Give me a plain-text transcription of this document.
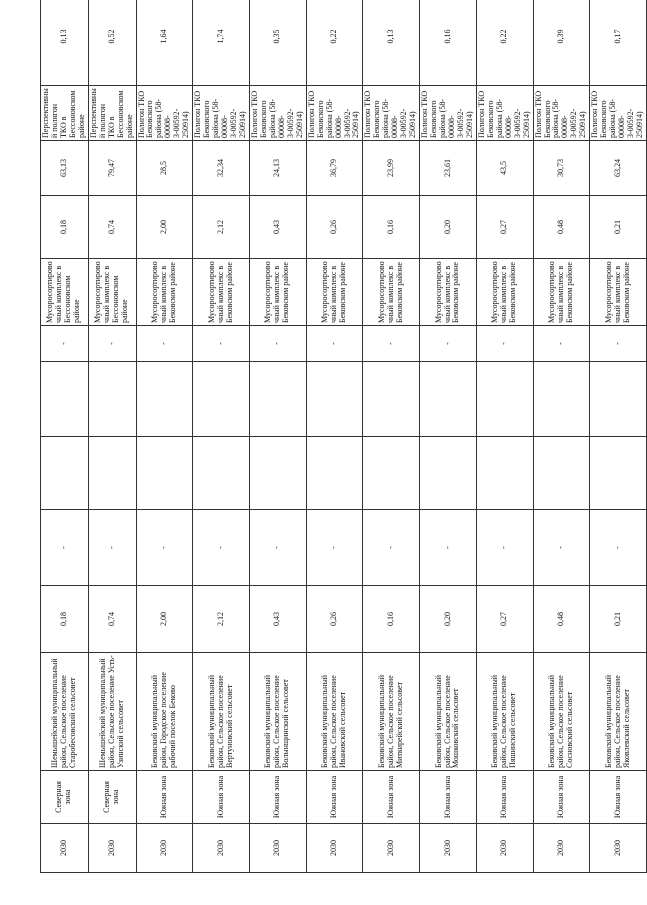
2030	Северная зона	Шемышейский муниципальный район, Сельское поселение Старобесовский сельсовет	0,18	-			-	Мусоросортировочный комплекс в Бессоновском районе	0,18	63,13	Перспективный полигон ТКО в Бессоновском районе	0,13	
2030	Северная зона	Шемышейский муниципальный район, Сельское поселение Усть-Узинский сельсовет	0,74	-			-	Мусоросортировочный комплекс в Бессоновском районе	0,74	79,47	Перспективный полигон ТКО в Бессоновском районе	0,52	
2030	Южная зона	Бековский муниципальный район, Городское поселение рабочий поселок Беково	2,00	-			-	Мусоросортировочный комплекс в Бековском районе	2,00	28,5	Полигон ТКО Бековского района (58-00008-З-00592-250914)	1,64	
2030	Южная зона	Бековский муниципальный район, Сельское поселение Вертуновский сельсовет	2,12	-			-	Мусоросортировочный комплекс в Бековском районе	2,12	32,34	Полигон ТКО Бековского района (58-00008-З-00592-250914)	1,74	
2030	Южная зона	Бековский муниципальный район, Сельское поселение Волынщинский сельсовет	0,43	-			-	Мусоросортировочный комплекс в Бековском районе	0,43	24,13	Полигон ТКО Бековского района (58-00008-З-00592-250914)	0,35	
2030	Южная зона	Бековский муниципальный район, Сельское поселение Ивановский сельсовет	0,26	-			-	Мусоросортировочный комплекс в Бековском районе	0,26	36,79	Полигон ТКО Бековского района (58-00008-З-00592-250914)	0,22	
2030	Южная зона	Бековский муниципальный район, Сельское поселение Миткирейский сельсовет	0,16	-			-	Мусоросортировочный комплекс в Бековском районе	0,16	23,99	Полигон ТКО Бековского района (58-00008-З-00592-250914)	0,13	
2030	Южная зона	Бековский муниципальный район, Сельское поселение Мошковский сельсовет	0,20	-			-	Мусоросортировочный комплекс в Бековском районе	0,20	23,61	Полигон ТКО Бековского района (58-00008-З-00592-250914)	0,16	
2030	Южная зона	Бековский муниципальный район, Сельское поселение Пяшинский сельсовет	0,27	-			-	Мусоросортировочный комплекс в Бековском районе	0,27	43,5	Полигон ТКО Бековского района (58-00008-З-00592-250914)	0,22	
2030	Южная зона	Бековский муниципальный район, Сельское поселение Сосновский сельсовет	0,48	-			-	Мусоросортировочный комплекс в Бековском районе	0,48	30,73	Полигон ТКО Бековского района (58-00008-З-00592-250914)	0,39	
2030	Южная зона	Бековский муниципальный район, Сельское поселение Яковлевский сельсовет	0,21	-			-	Мусоросортировочный комплекс в Бековском районе	0,21	63,24	Полигон ТКО Бековского района (58-00008-З-00592-250914)	0,17	
